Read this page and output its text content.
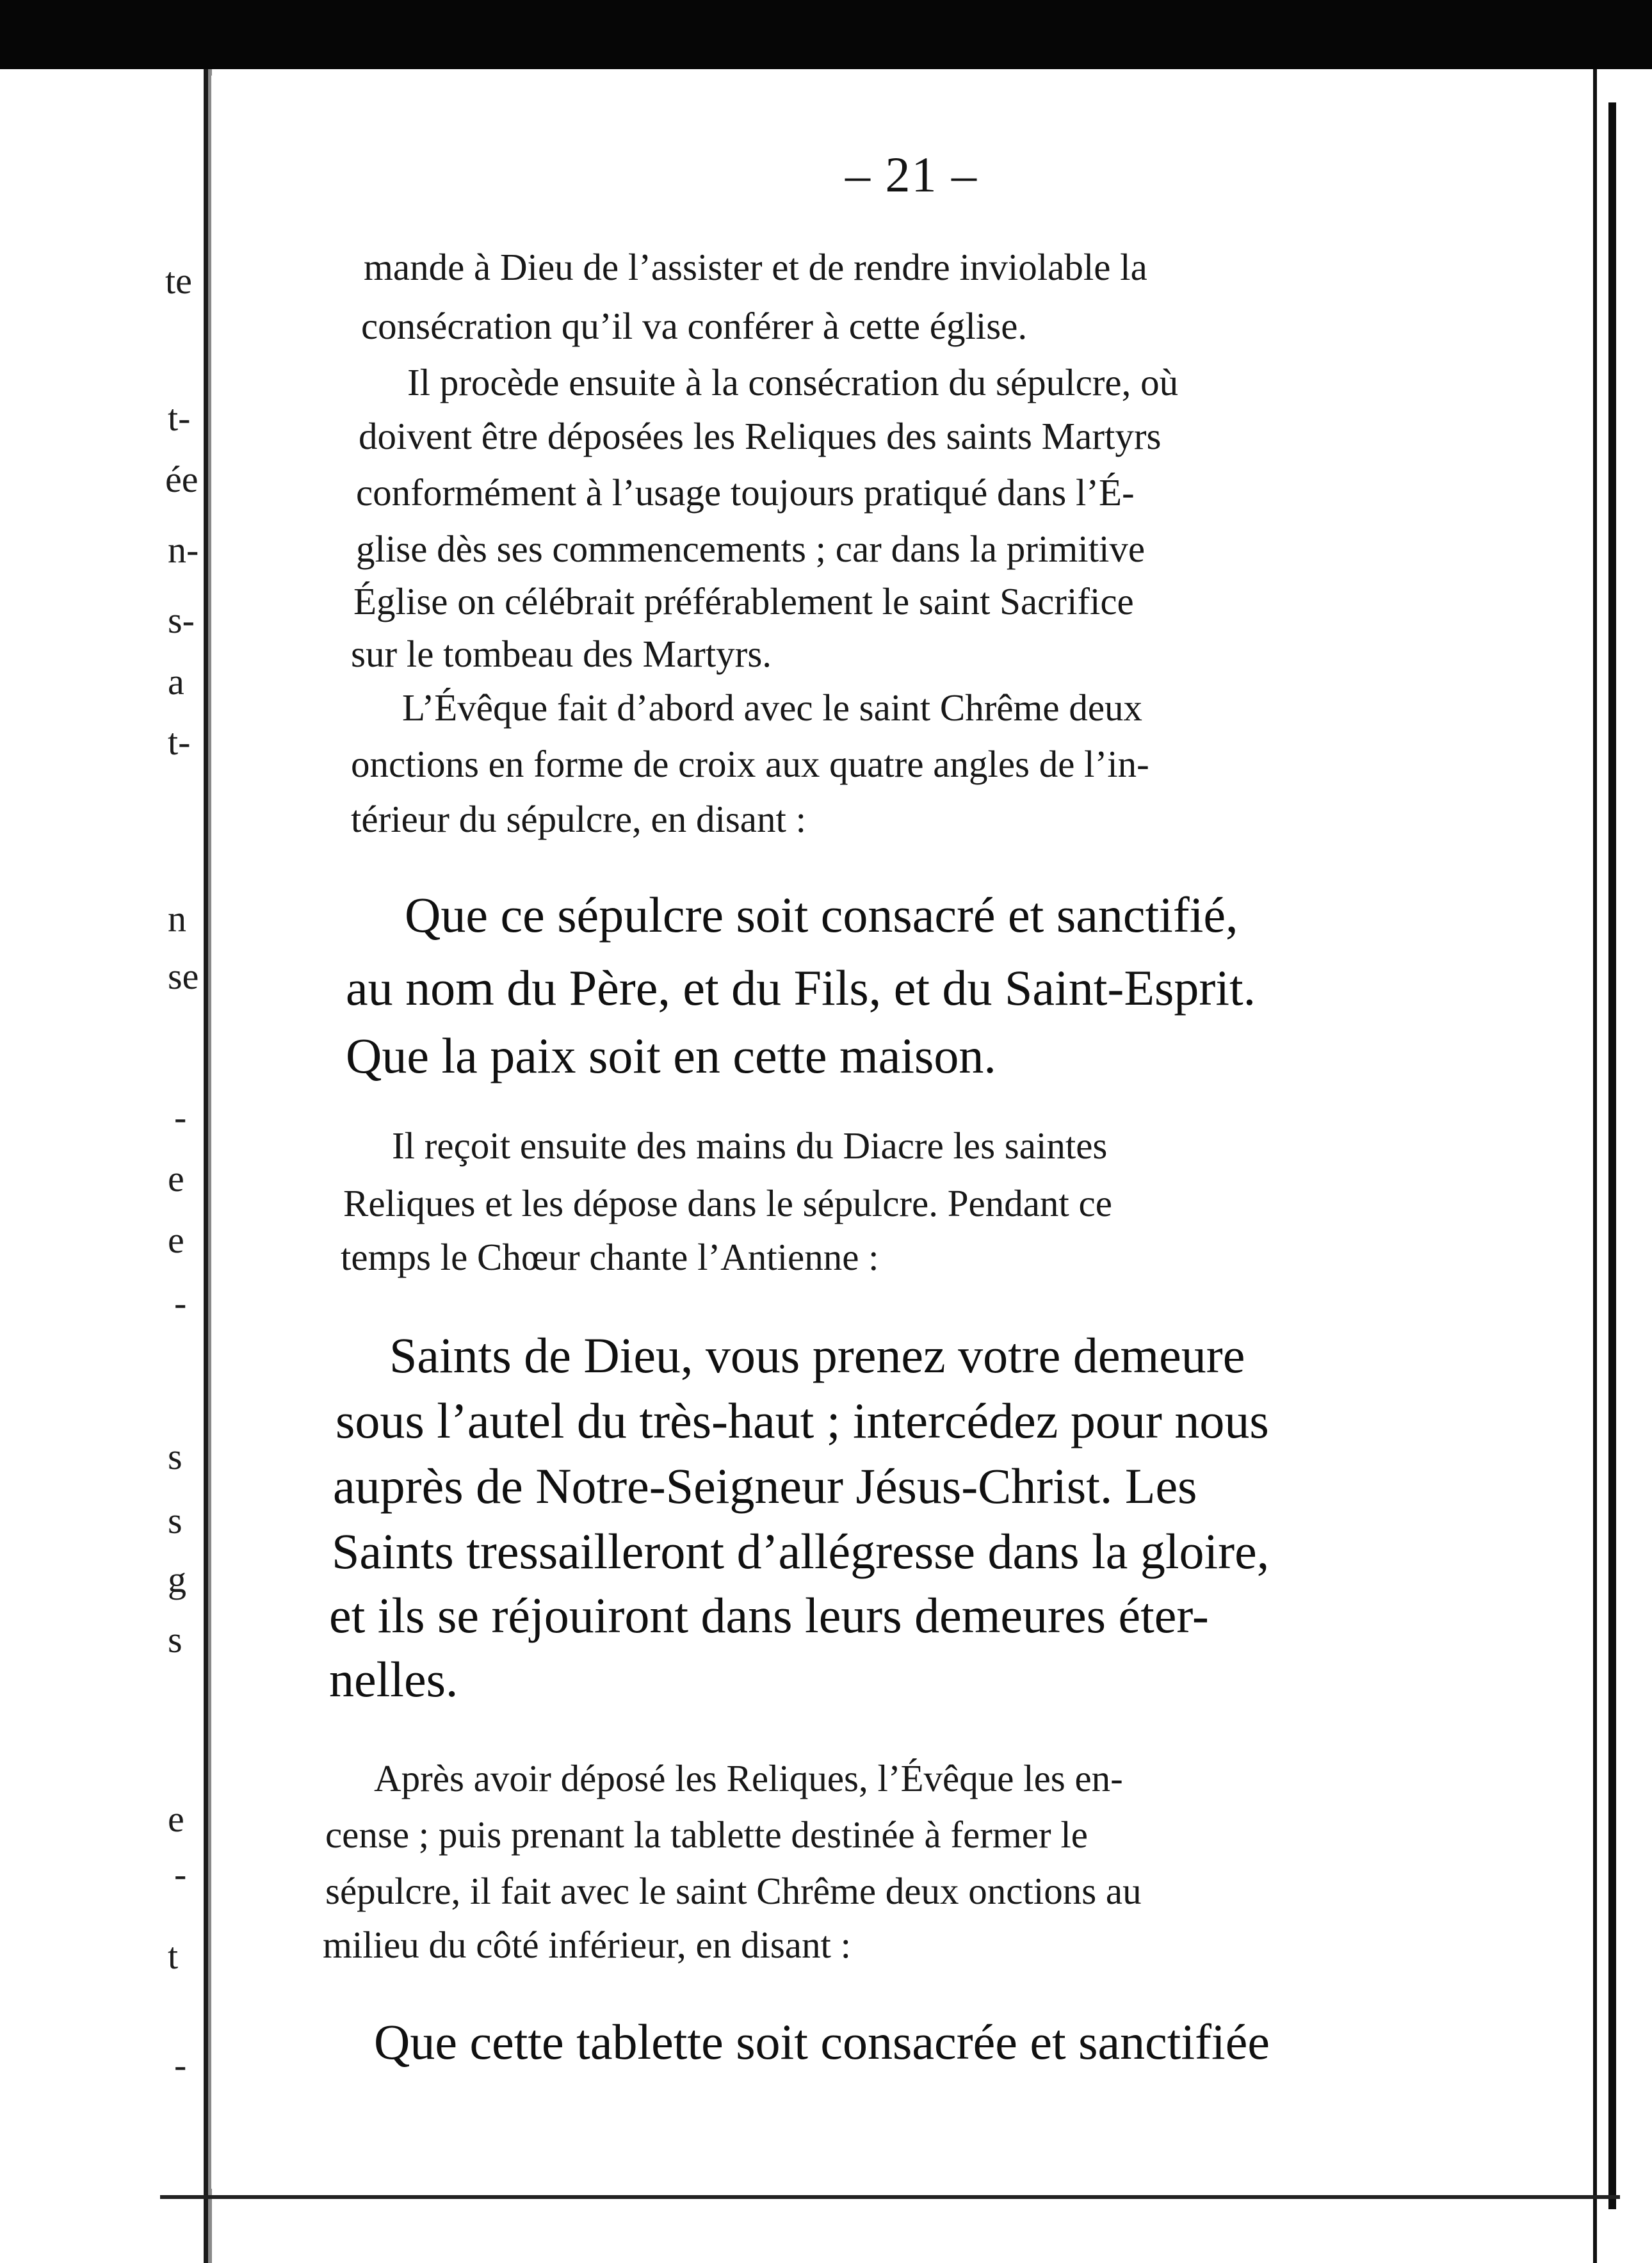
te
t-
ée
n-
s-
a
t-
n
se
-
e
e
-
s
s
g
s
e
-
t
-
– 21 –
mande à Dieu de l’assister et de rendre inviolable la
consécration qu’il va conférer à cette église.
Il procède ensuite à la consécration du sépulcre, où
doivent être déposées les Reliques des saints Martyrs
conformément à l’usage toujours pratiqué dans l’É-
glise dès ses commencements ; car dans la primitive
Église on célébrait préférablement le saint Sacrifice
sur le tombeau des Martyrs.
L’Évêque fait d’abord avec le saint Chrême deux
onctions en forme de croix aux quatre angles de l’in-
térieur du sépulcre, en disant :
Que ce sépulcre soit consacré et sanctifié,
au nom du Père, et du Fils, et du Saint-Esprit.
Que la paix soit en cette maison.
Il reçoit ensuite des mains du Diacre les saintes
Reliques et les dépose dans le sépulcre. Pendant ce
temps le Chœur chante l’Antienne :
Saints de Dieu, vous prenez votre demeure
sous l’autel du très-haut ; intercédez pour nous
auprès de Notre-Seigneur Jésus-Christ. Les
Saints tressailleront d’allégresse dans la gloire,
et ils se réjouiront dans leurs demeures éter-
nelles.
Après avoir déposé les Reliques, l’Évêque les en-
cense ; puis prenant la tablette destinée à fermer le
sépulcre, il fait avec le saint Chrême deux onctions au
milieu du côté inférieur, en disant :
Que cette tablette soit consacrée et sanctifiée
